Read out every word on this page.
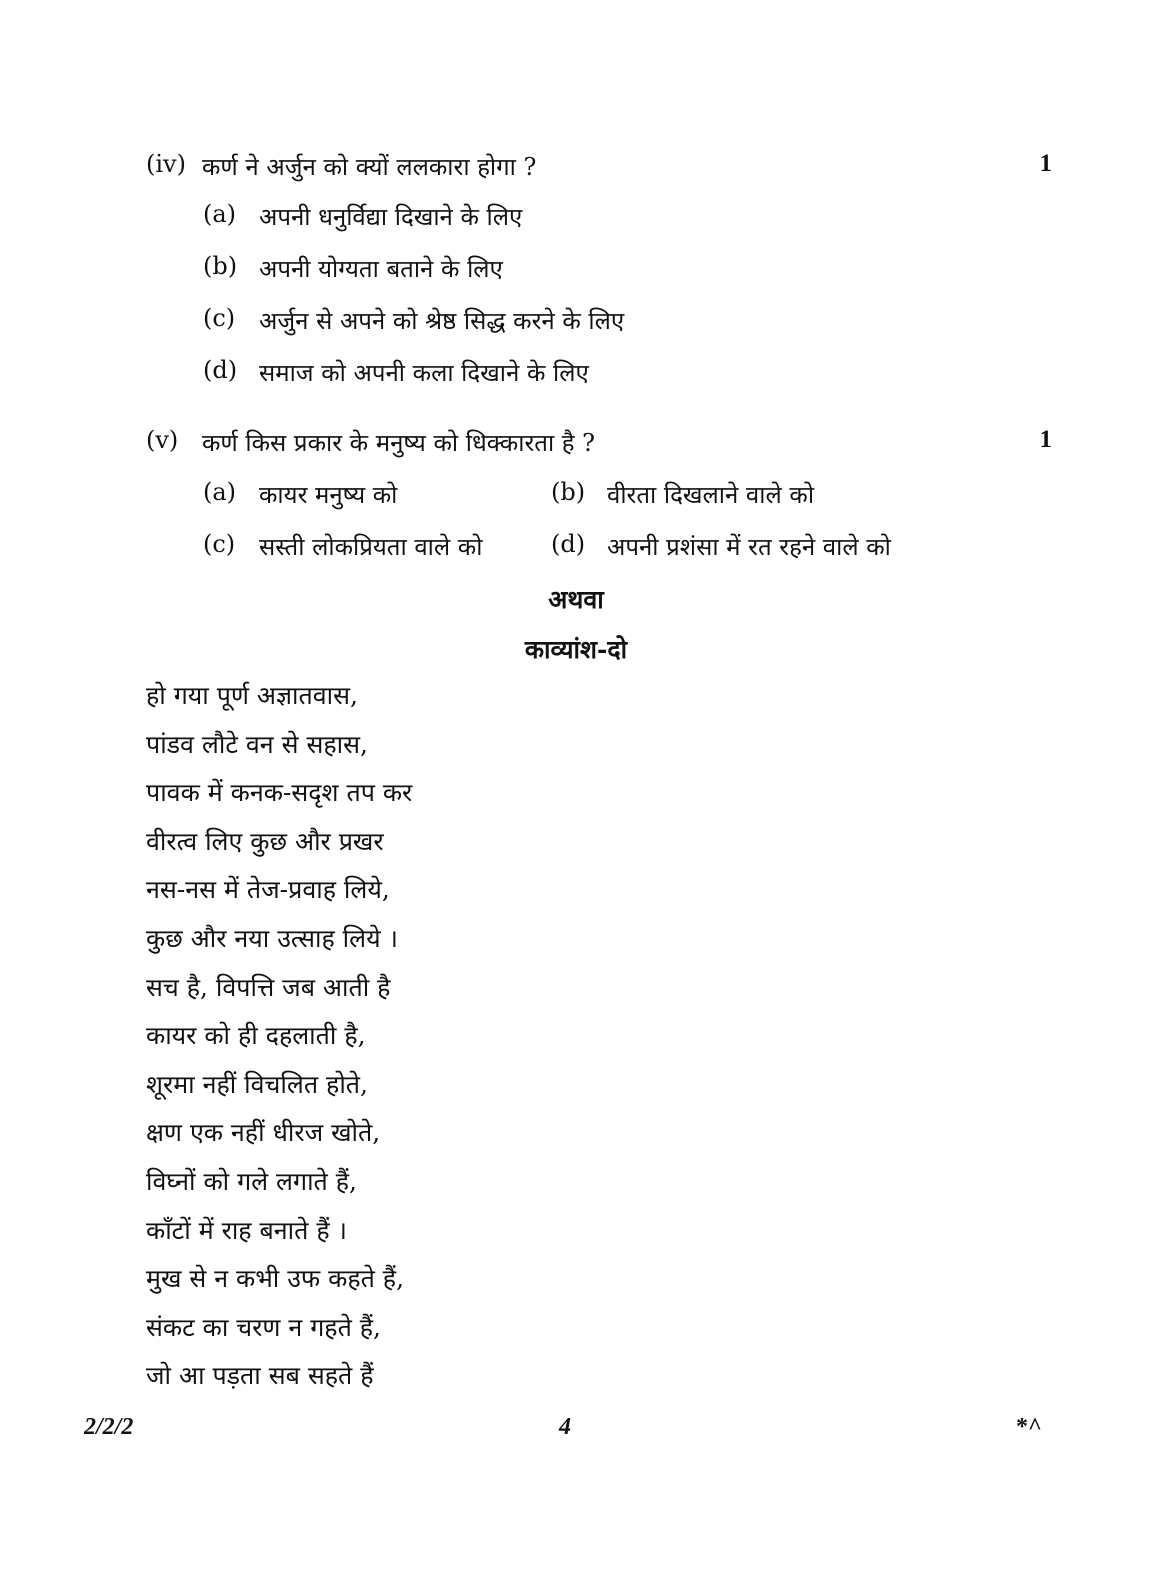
(iv) कर्ण ने अर्जुन को क्यों ललकारा होगा ?	1
(a) अपनी धनुर्विद्या दिखाने के लिए
(b) अपनी योग्यता बताने के लिए
(c) अर्जुन से अपने को श्रेष्ठ सिद्ध करने के लिए
(d) समाज को अपनी कला दिखाने के लिए
(v) कर्ण किस प्रकार के मनुष्य को धिक्कारता है ?	1
(a) कायर मनुष्य को	(b) वीरता दिखलाने वाले को
(c) सस्ती लोकप्रियता वाले को	(d) अपनी प्रशंसा में रत रहने वाले को
अथवा
काव्यांश-दो
हो गया पूर्ण अज्ञातवास,
पांडव लौटे वन से सहास,
पावक में कनक-सदृश तप कर
वीरत्व लिए कुछ और प्रखर
नस-नस में तेज-प्रवाह लिये,
कुछ और नया उत्साह लिये ।
सच है, विपत्ति जब आती है
कायर को ही दहलाती है,
शूरमा नहीं विचलित होते,
क्षण एक नहीं धीरज खोते,
विघ्नों को गले लगाते हैं,
काँटों में राह बनाते हैं ।
मुख से न कभी उफ कहते हैं,
संकट का चरण न गहते हैं,
जो आ पड़ता सब सहते हैं
2/2/2	4	*^
